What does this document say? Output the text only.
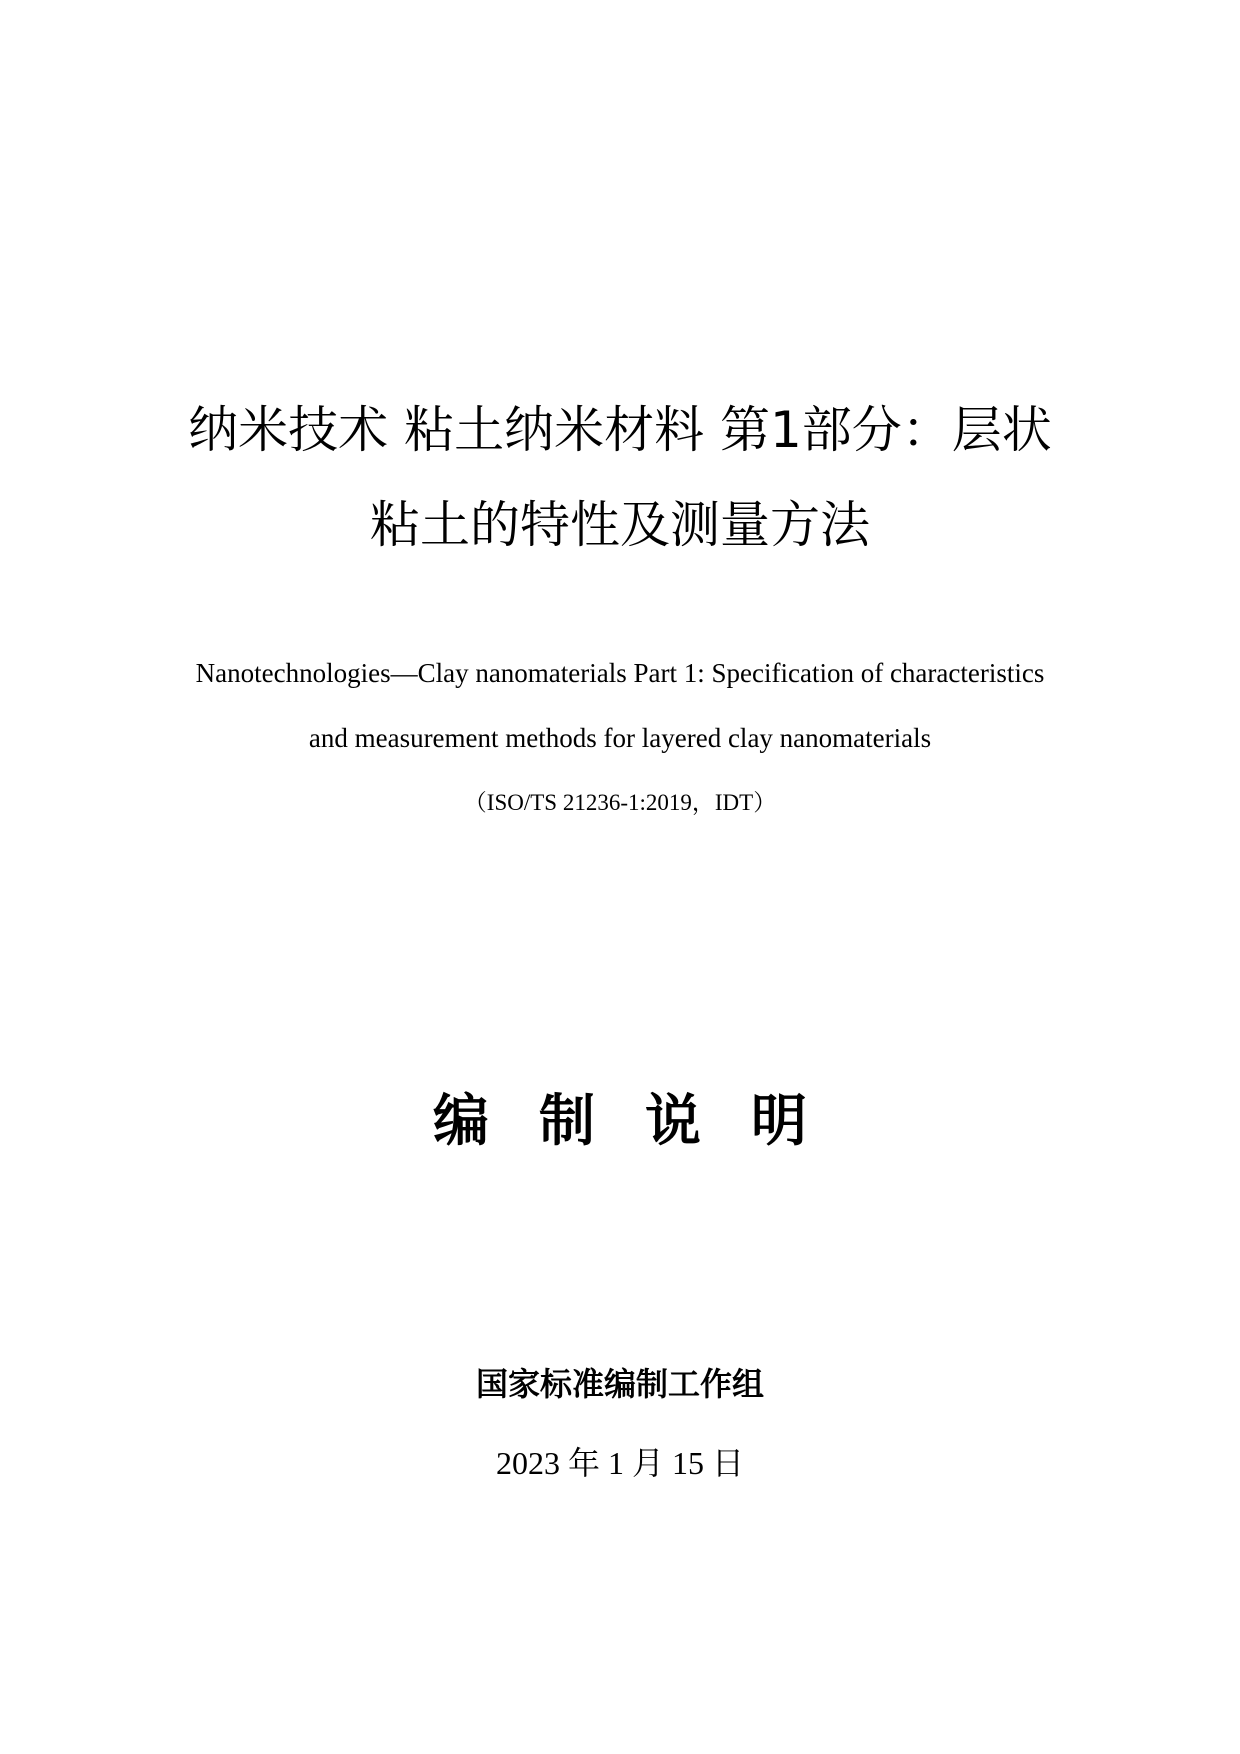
纳米技术 粘土纳米材料 第1部分：层状
粘土的特性及测量方法
Nanotechnologies—Clay nanomaterials Part 1: Specification of characteristics
and measurement methods for layered clay nanomaterials
（ISO/TS 21236-1:2019，IDT）
编制说明
国家标准编制工作组
2023 年 1 月 15 日
